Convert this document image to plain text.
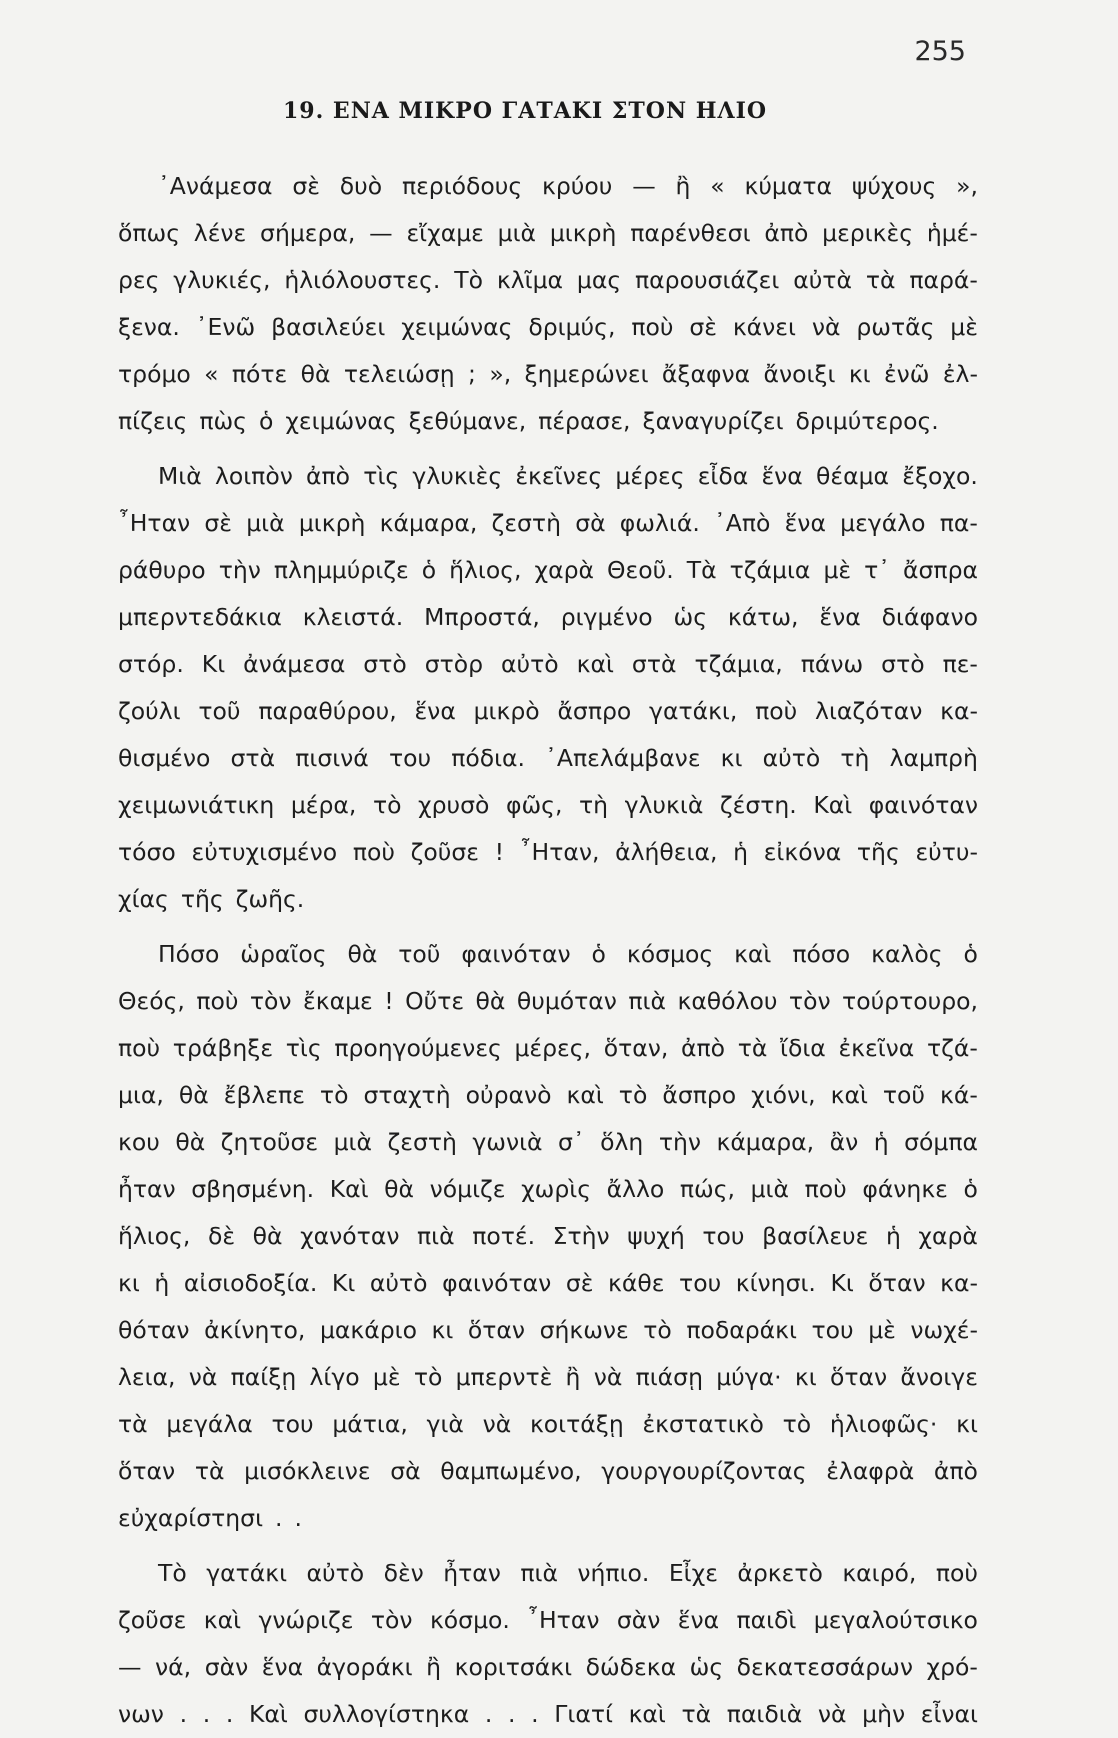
255
19. ΕΝΑ ΜΙΚΡΟ ΓΑΤΑΚΙ ΣΤΟΝ ΗΛΙΟ
᾿Ανάμεσα σὲ δυὸ περιόδους κρύου — ἢ « κύματα ψύχους »,
ὅπως λένε σήμερα, — εἴχαμε μιὰ μικρὴ παρένθεσι ἀπὸ μερικὲς ἡμέ-
ρες γλυκιές, ἡλιόλουστες. Τὸ κλῖμα μας παρουσιάζει αὐτὰ τὰ παρά-
ξενα. ᾿Ενῶ βασιλεύει χειμώνας δριμύς, ποὺ σὲ κάνει νὰ ρωτᾶς μὲ
τρόμο « πότε θὰ τελειώσῃ ; », ξημερώνει ἄξαφνα ἄνοιξι κι ἐνῶ ἐλ-
πίζεις πὼς ὁ χειμώνας ξεθύμανε, πέρασε, ξαναγυρίζει δριμύτερος.
Μιὰ λοιπὸν ἀπὸ τὶς γλυκιὲς ἐκεῖνες μέρες εἶδα ἕνα θέαμα ἔξοχο.
῏Ηταν σὲ μιὰ μικρὴ κάμαρα, ζεστὴ σὰ φωλιά. ᾿Απὸ ἕνα μεγάλο πα-
ράθυρο τὴν πλημμύριζε ὁ ἥλιος, χαρὰ Θεοῦ. Τὰ τζάμια μὲ τ᾿ ἄσπρα
μπερντεδάκια κλειστά. Μπροστά, ριγμένο ὡς κάτω, ἕνα διάφανο
στόρ. Κι ἀνάμεσα στὸ στὸρ αὐτὸ καὶ στὰ τζάμια, πάνω στὸ πε-
ζούλι τοῦ παραθύρου, ἕνα μικρὸ ἄσπρο γατάκι, ποὺ λιαζόταν κα-
θισμένο στὰ πισινά του πόδια. ᾿Απελάμβανε κι αὐτὸ τὴ λαμπρὴ
χειμωνιάτικη μέρα, τὸ χρυσὸ φῶς, τὴ γλυκιὰ ζέστη. Καὶ φαινόταν
τόσο εὐτυχισμένο ποὺ ζοῦσε ! ῏Ηταν, ἀλήθεια, ἡ εἰκόνα τῆς εὐτυ-
χίας τῆς ζωῆς.
Πόσο ὡραῖος θὰ τοῦ φαινόταν ὁ κόσμος καὶ πόσο καλὸς ὁ
Θεός, ποὺ τὸν ἔκαμε ! Οὔτε θὰ θυμόταν πιὰ καθόλου τὸν τούρτουρο,
ποὺ τράβηξε τὶς προηγούμενες μέρες, ὅταν, ἀπὸ τὰ ἴδια ἐκεῖνα τζά-
μια, θὰ ἔβλεπε τὸ σταχτὴ οὐρανὸ καὶ τὸ ἄσπρο χιόνι, καὶ τοῦ κά-
κου θὰ ζητοῦσε μιὰ ζεστὴ γωνιὰ σ᾿ ὅλη τὴν κάμαρα, ἂν ἡ σόμπα
ἦταν σβησμένη. Καὶ θὰ νόμιζε χωρὶς ἄλλο πώς, μιὰ ποὺ φάνηκε ὁ
ἥλιος, δὲ θὰ χανόταν πιὰ ποτέ. Στὴν ψυχή του βασίλευε ἡ χαρὰ
κι ἡ αἰσιοδοξία. Κι αὐτὸ φαινόταν σὲ κάθε του κίνησι. Κι ὅταν κα-
θόταν ἀκίνητο, μακάριο κι ὅταν σήκωνε τὸ ποδαράκι του μὲ νωχέ-
λεια, νὰ παίξῃ λίγο μὲ τὸ μπερντὲ ἢ νὰ πιάσῃ μύγα· κι ὅταν ἄνοιγε
τὰ μεγάλα του μάτια, γιὰ νὰ κοιτάξῃ ἐκστατικὸ τὸ ἡλιοφῶς· κι
ὅταν τὰ μισόκλεινε σὰ θαμπωμένο, γουργουρίζοντας ἐλαφρὰ ἀπὸ
εὐχαρίστησι . .
Τὸ γατάκι αὐτὸ δὲν ἦταν πιὰ νήπιο. Εἶχε ἀρκετὸ καιρό, ποὺ
ζοῦσε καὶ γνώριζε τὸν κόσμο. ῏Ηταν σὰν ἕνα παιδὶ μεγαλούτσικο
— νά, σὰν ἕνα ἀγοράκι ἢ κοριτσάκι δώδεκα ὡς δεκατεσσάρων χρό-
νων . . . Καὶ συλλογίστηκα . . . Γιατί καὶ τὰ παιδιὰ νὰ μὴν εἶναι
